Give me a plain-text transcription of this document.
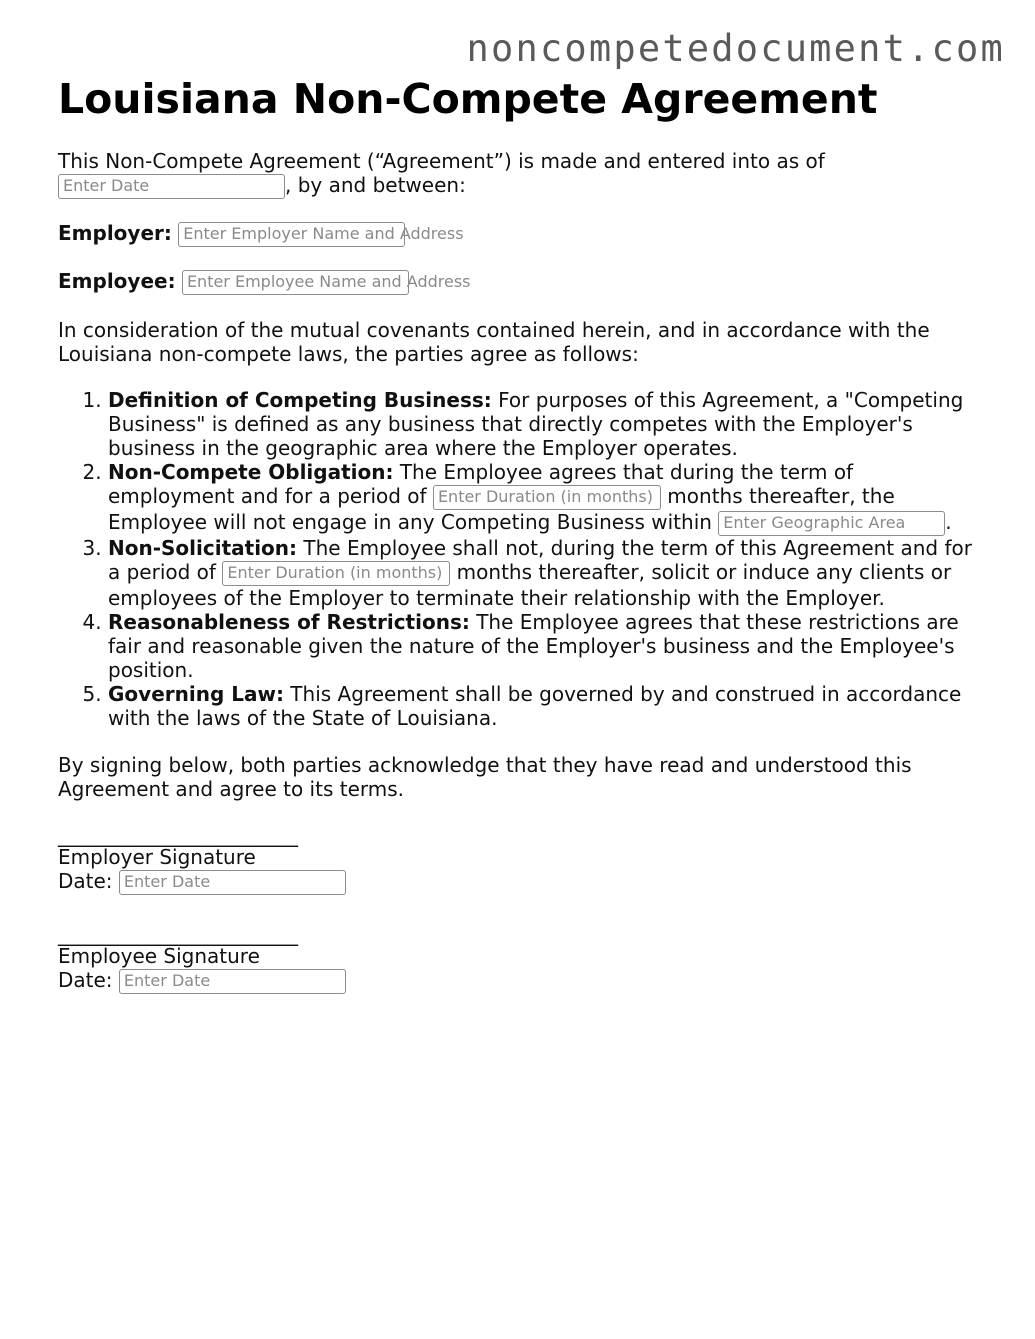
noncompetedocument.com
Louisiana Non-Compete Agreement

This Non-Compete Agreement (“Agreement”) is made and entered into as of
Enter Date	, by and between:

Employer: Enter Employer Name and Address

Employee: Enter Employee Name and Address

In consideration of the mutual covenants contained herein, and in accordance with the Louisiana non-compete laws, the parties agree as follows:

1. Definition of Competing Business: For purposes of this Agreement, a "Competing Business" is defined as any business that directly competes with the Employer's business in the geographic area where the Employer operates.
2. Non-Compete Obligation: The Employee agrees that during the term of employment and for a period of Enter Duration (in months) months thereafter, the Employee will not engage in any Competing Business within Enter Geographic Area .
3. Non-Solicitation: The Employee shall not, during the term of this Agreement and for a period of Enter Duration (in months) months thereafter, solicit or induce any clients or employees of the Employer to terminate their relationship with the Employer.
4. Reasonableness of Restrictions: The Employee agrees that these restrictions are fair and reasonable given the nature of the Employer's business and the Employee's position.
5. Governing Law: This Agreement shall be governed by and construed in accordance with the laws of the State of Louisiana.

By signing below, both parties acknowledge that they have read and understood this Agreement and agree to its terms.

________________________
Employer Signature
Date: Enter Date
________________________
Employee Signature
Date: Enter Date
